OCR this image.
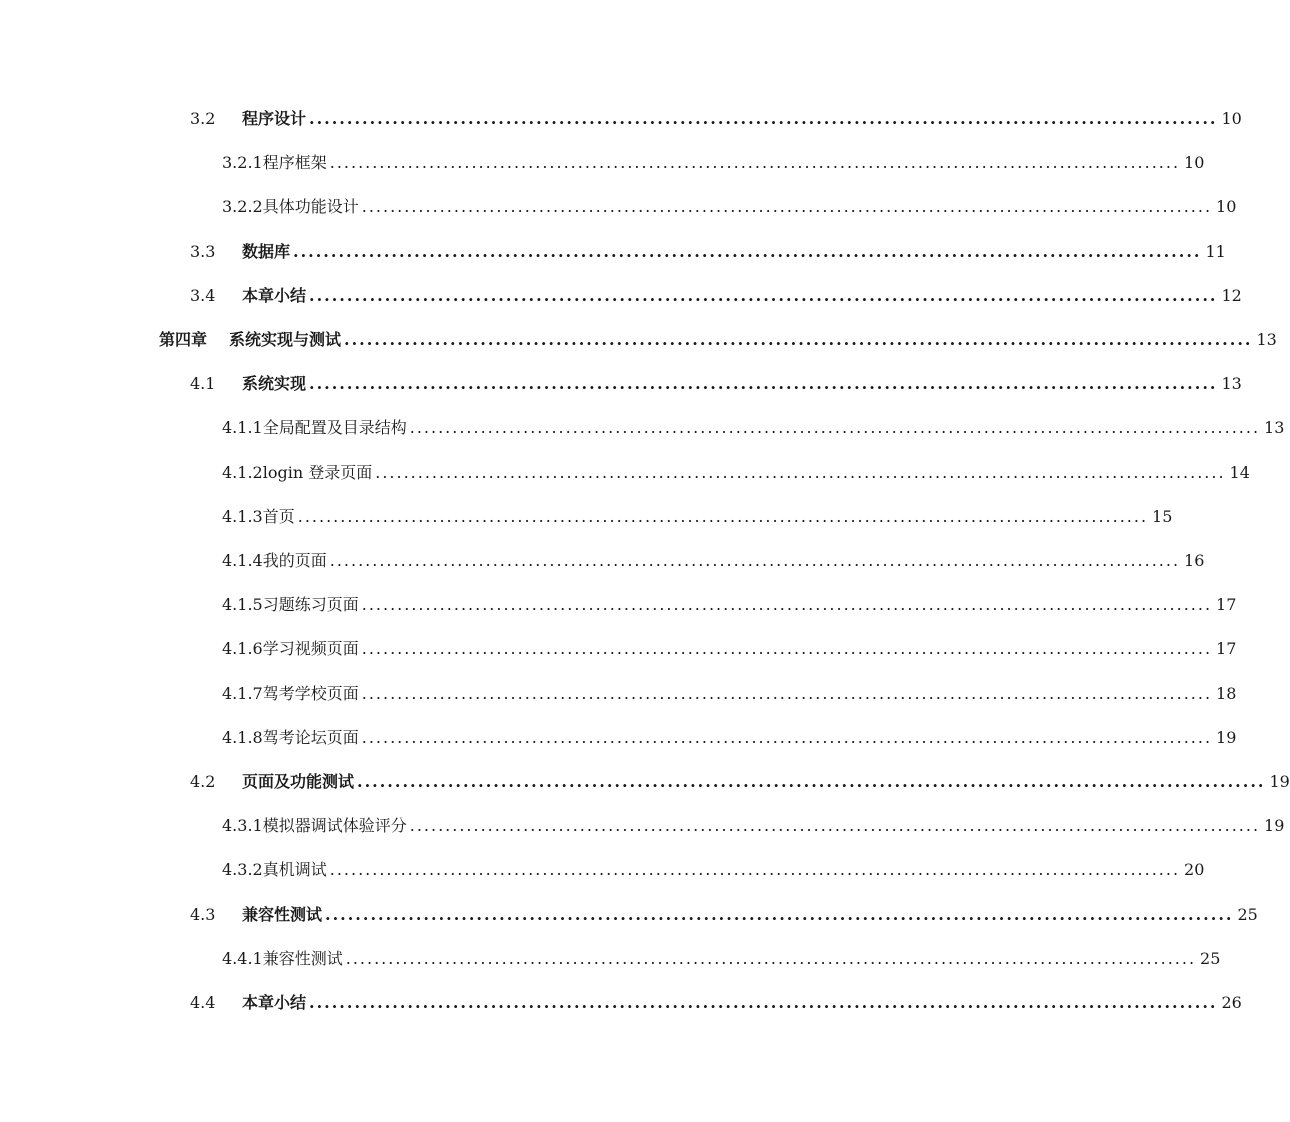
3.2	程序设计 ........................................................................................................................ 10
3.2.1 程序框架 ........................................................................................................................ 10
3.2.2 具体功能设计 ........................................................................................................................ 10
3.3	数据库 ........................................................................................................................ 11
3.4	本章小结 ........................................................................................................................ 12
第四章	系统实现与测试 ........................................................................................................................ 13
4.1	系统实现 ........................................................................................................................ 13
4.1.1 全局配置及目录结构 ........................................................................................................................ 13
4.1.2 login 登录页面 ........................................................................................................................ 14
4.1.3 首页 ........................................................................................................................ 15
4.1.4 我的页面 ........................................................................................................................ 16
4.1.5 习题练习页面 ........................................................................................................................ 17
4.1.6 学习视频页面 ........................................................................................................................ 17
4.1.7 驾考学校页面 ........................................................................................................................ 18
4.1.8 驾考论坛页面 ........................................................................................................................ 19
4.2	页面及功能测试 ........................................................................................................................ 19
4.3.1 模拟器调试体验评分 ........................................................................................................................ 19
4.3.2 真机调试 ........................................................................................................................ 20
4.3	兼容性测试 ........................................................................................................................ 25
4.4.1 兼容性测试 ........................................................................................................................ 25
4.4	本章小结 ........................................................................................................................ 26
